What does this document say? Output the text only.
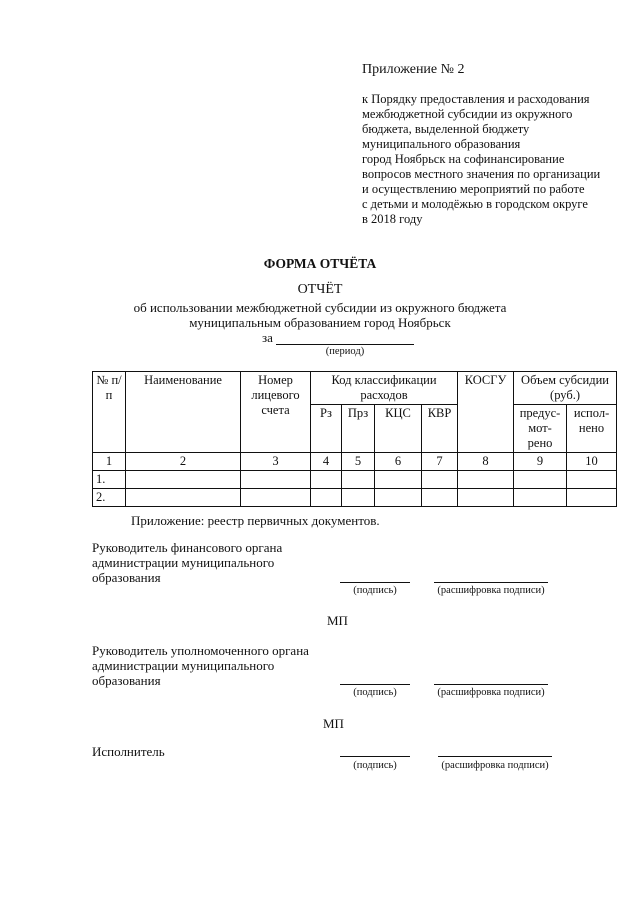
Приложение № 2
к Порядку предоставления и расходования
межбюджетной субсидии из окружного
бюджета, выделенной бюджету
муниципального образования
город Ноябрьск на софинансирование
вопросов местного значения по организации
и осуществлению мероприятий по работе
с детьми и молодёжью в городском округе
в 2018 году
ФОРМА ОТЧЁТА
ОТЧЁТ
об использовании межбюджетной субсидии из окружного бюджета
муниципальным образованием город Ноябрьск
за
(период)
№ п/п	Наименование	Номер лицевого счета	Код классификации расходов				КОСГУ	Объем субсидии (руб.)	
			Рз	Прз	КЦС	КВР		предус-мот-рено	испол-нено
1	2	3	4	5	6	7	8	9	10
1.									
2.									
Приложение: реестр первичных документов.
Руководитель финансового органа
администрации муниципального
образования
(подпись)	(расшифровка подписи)
МП
Руководитель уполномоченного органа
администрации муниципального
образования
(подпись)	(расшифровка подписи)
МП
Исполнитель
(подпись)	(расшифровка подписи)
